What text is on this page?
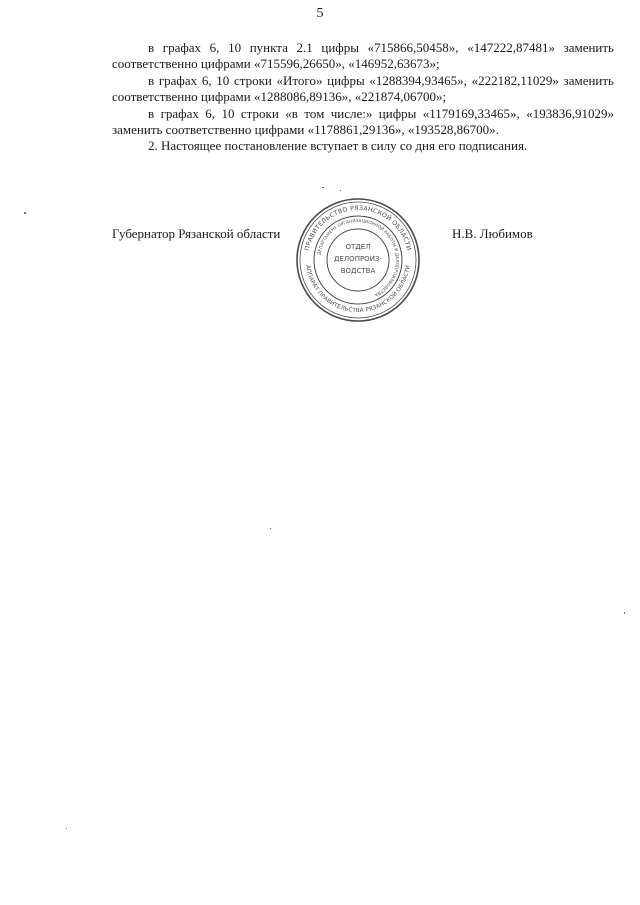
5

в графах 6, 10 пункта 2.1 цифры «715866,50458», «147222,87481» заменить соответственно цифрами «715596,26650», «146952,63673»;

в графах 6, 10 строки «Итого» цифры «1288394,93465», «222182,11029» заменить соответственно цифрами «1288086,89136», «221874,06700»;

в графах 6, 10 строки «в том числе:» цифры «1179169,33465», «193836,91029» заменить соответственно цифрами «1178861,29136», «193528,86700».

2. Настоящее постановление вступает в силу со дня его подписания.

Губернатор Рязанской области	Н.В. Любимов
ПРАВИТЕЛЬСТВО РЯЗАНСКОЙ ОБЛАСТИ
АППАРАТ ПРАВИТЕЛЬСТВА РЯЗАНСКОЙ ОБЛАСТИ
ДЕПАРТАМЕНТ ОРГАНИЗАЦИОННОЙ РАБОТЫ И ДЕЛОПРОИЗВОДСТВА
ОТДЕЛ
ДЕЛОПРОИЗ-
ВОДСТВА
